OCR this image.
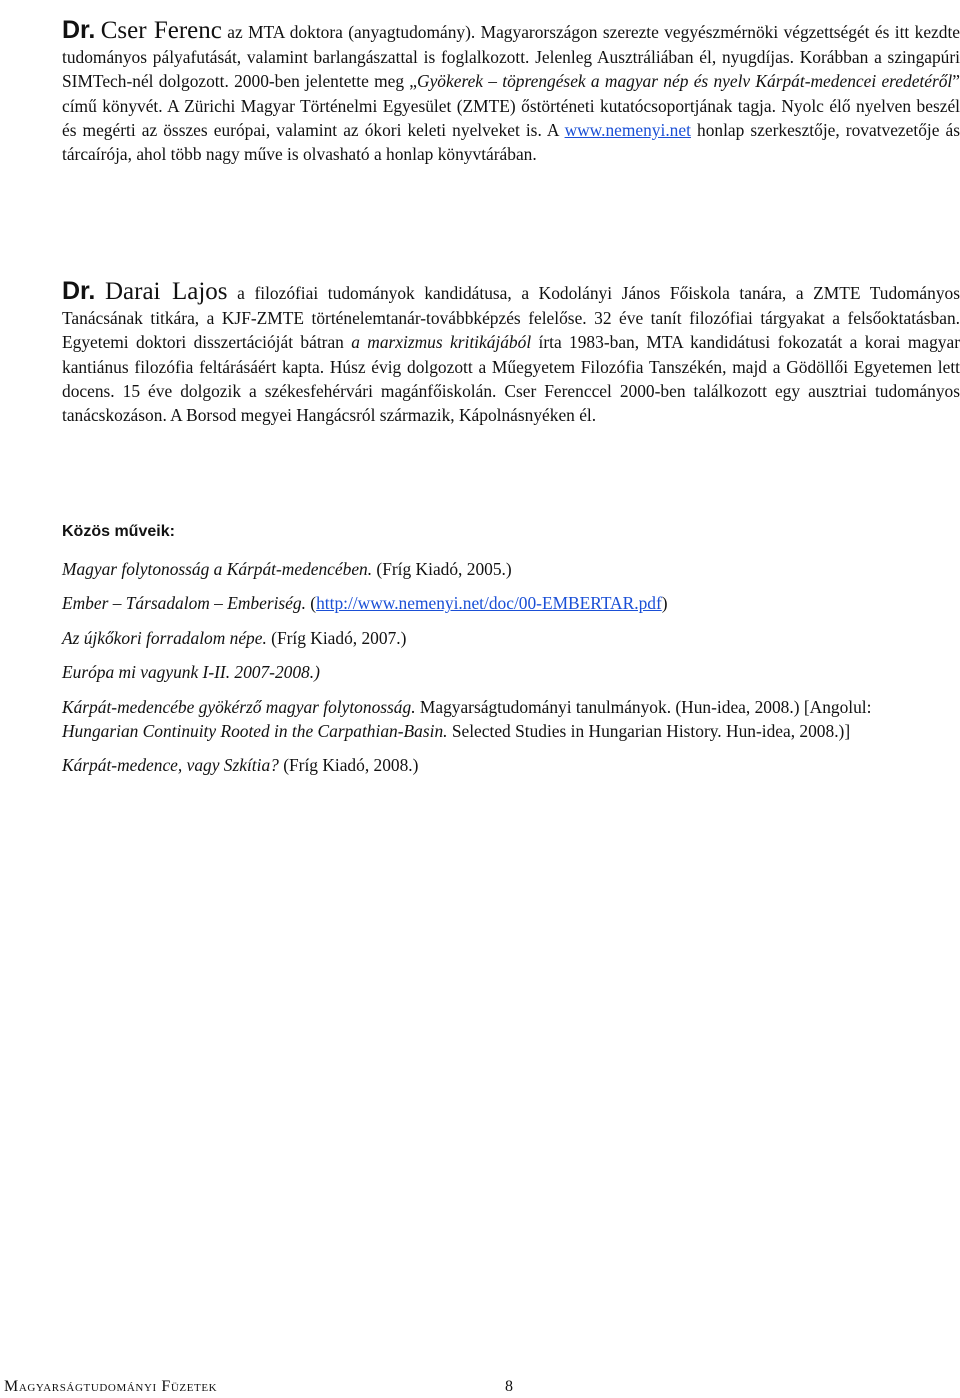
Dr. Cser Ferenc az MTA doktora (anyagtudomány). Magyarországon szerezte vegyészmérnöki végzettségét és itt kezdte tudományos pályafutását, valamint barlangászattal is foglalkozott. Jelenleg Ausztráliában él, nyugdíjas. Korábban a szingapúri SIMTech-nél dolgozott. 2000-ben jelentette meg „Gyökerek – töprengések a magyar nép és nyelv Kárpát-medencei eredetéről” című könyvét. A Zürichi Magyar Történelmi Egyesület (ZMTE) őstörténeti kutatócsoportjának tagja. Nyolc élő nyelven beszél és megérti az összes európai, valamint az ókori keleti nyelveket is. A www.nemenyi.net honlap szerkesztője, rovatvezetője ás tárcaírója, ahol több nagy műve is olvasható a honlap könyvtárában.

Dr. Darai Lajos a filozófiai tudományok kandidátusa, a Kodolányi János Főiskola tanára, a ZMTE Tudományos Tanácsának titkára, a KJF-ZMTE történelemtanár-továbbképzés felelőse. 32 éve tanít filozófiai tárgyakat a felsőoktatásban. Egyetemi doktori disszertációját bátran a marxizmus kritikájából írta 1983-ban, MTA kandidátusi fokozatát a korai magyar kantiánus filozófia feltárásáért kapta. Húsz évig dolgozott a Műegyetem Filozófia Tanszékén, majd a Gödöllői Egyetemen lett docens. 15 éve dolgozik a székesfehérvári magánfőiskolán. Cser Ferenccel 2000-ben találkozott egy ausztriai tudományos tanácskozáson. A Borsod megyei Hangácsról származik, Kápolnásnyéken él.

Közös műveik:

Magyar folytonosság a Kárpát-medencében. (Fríg Kiadó, 2005.)

Ember – Társadalom – Emberiség. (http://www.nemenyi.net/doc/00-EMBERTAR.pdf)

Az újkőkori forradalom népe. (Fríg Kiadó, 2007.)

Európa mi vagyunk I-II. 2007-2008.)

Kárpát-medencébe gyökérző magyar folytonosság. Magyarságtudományi tanulmányok. (Hun-idea, 2008.) [Angolul:
Hungarian Continuity Rooted in the Carpathian-Basin. Selected Studies in Hungarian History. Hun-idea, 2008.)]

Kárpát-medence, vagy Szkítia? (Fríg Kiadó, 2008.)

Magyarságtudományi Füzetek	8
